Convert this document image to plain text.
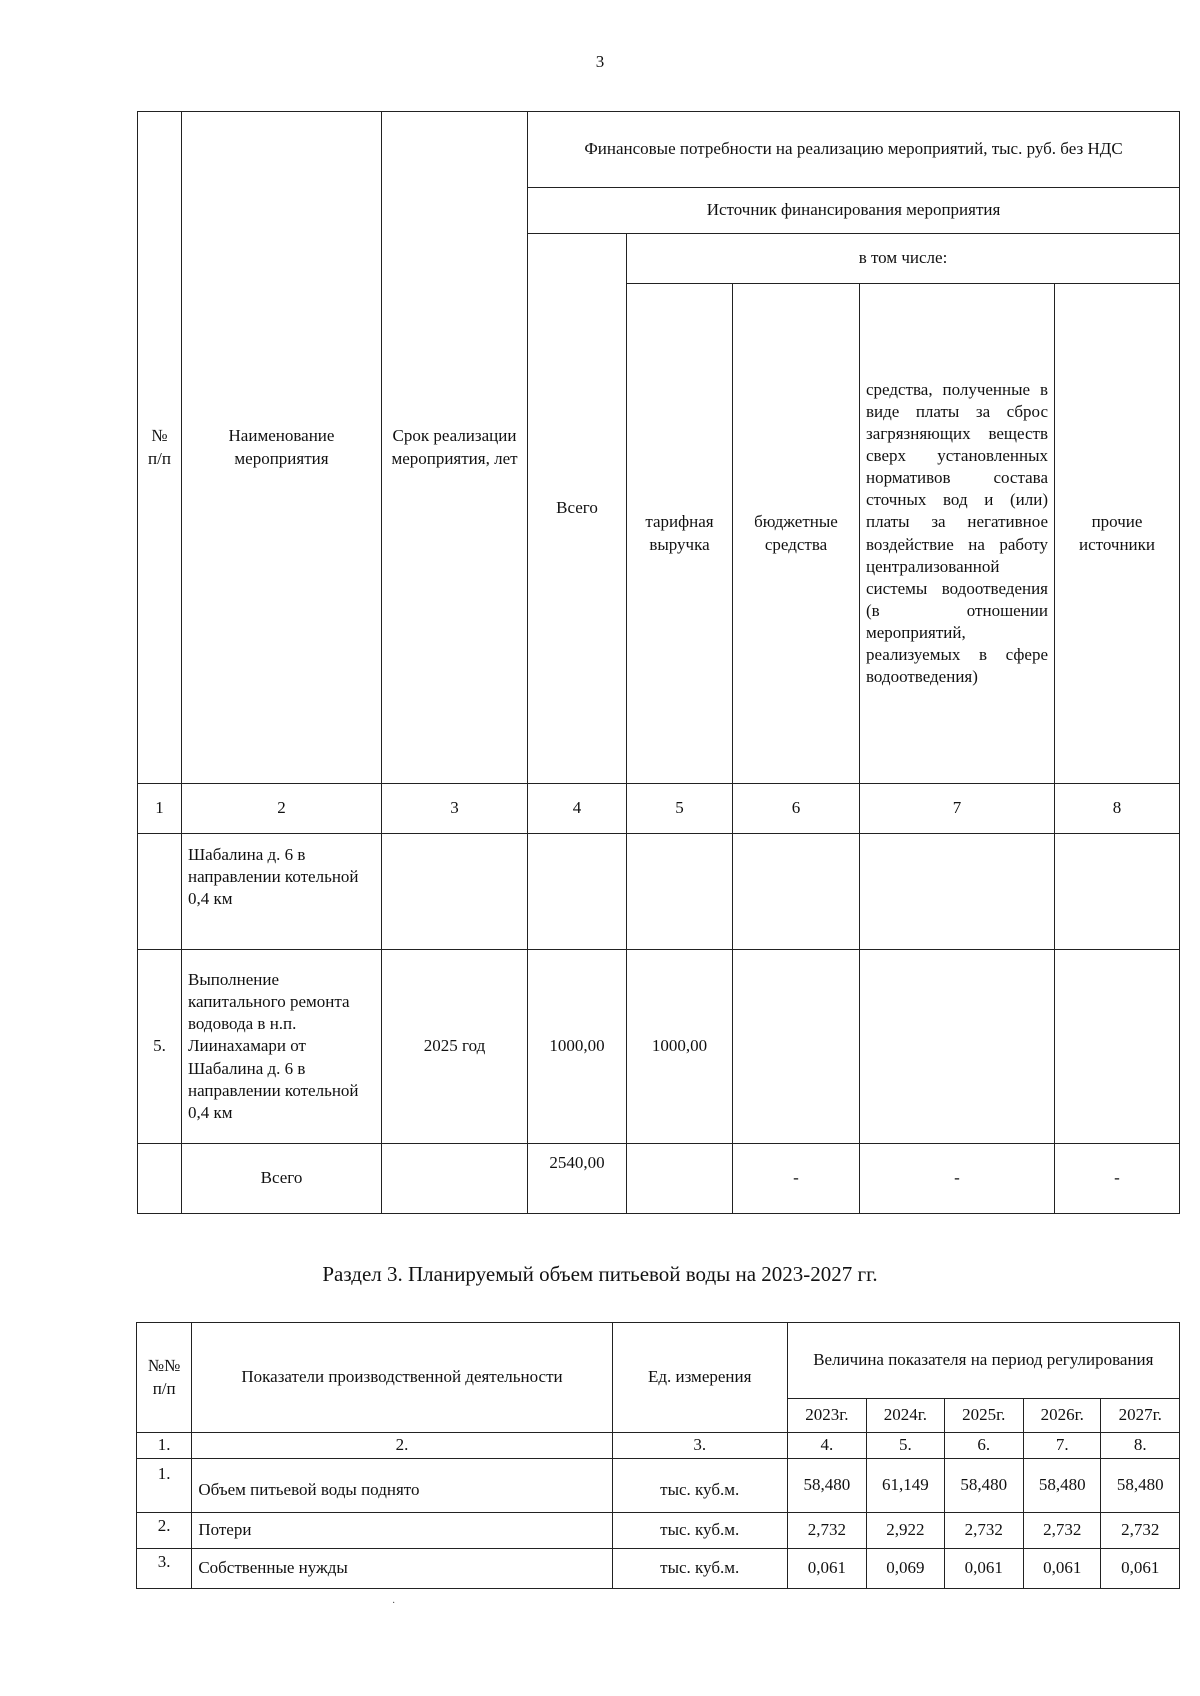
3
№ п/п	Наименование мероприятия	Срок реализации мероприятия, лет	Финансовые потребности на реализацию мероприятий, тыс. руб. без НДС				
			Источник финансирования мероприятия				
			Всего	в том числе:			
				тарифная выручка	бюджетные средства	средства, полученные в виде платы за сброс загрязняющих веществ сверх установленных нормативов состава сточных вод и (или) платы за негативное воздействие на работу централизованной системы водоотведения (в отношении мероприятий, реализуемых в сфере водоотведения)	прочие источники
1	2	3	4	5	6	7	8
	Шабалина д. 6 в направлении котельной 0,4 км						
5.	Выполнение капитального ремонта водовода в н.п. Лиинахамари от Шабалина д. 6 в направлении котельной 0,4 км	2025 год	1000,00	1000,00			
	Всего		2540,00		-	-	-
Раздел 3. Планируемый объем питьевой воды на 2023-2027 гг.
№№ п/п	Показатели производственной деятельности	Ед. измерения	Величина показателя на период регулирования				
			2023г.	2024г.	2025г.	2026г.	2027г.
1.	2.	3.	4.	5.	6.	7.	8.
1.	Объем питьевой воды поднято	тыс. куб.м.	58,480	61,149	58,480	58,480	58,480
2.	Потери	тыс. куб.м.	2,732	2,922	2,732	2,732	2,732
3.	Собственные нужды	тыс. куб.м.	0,061	0,069	0,061	0,061	0,061
·
